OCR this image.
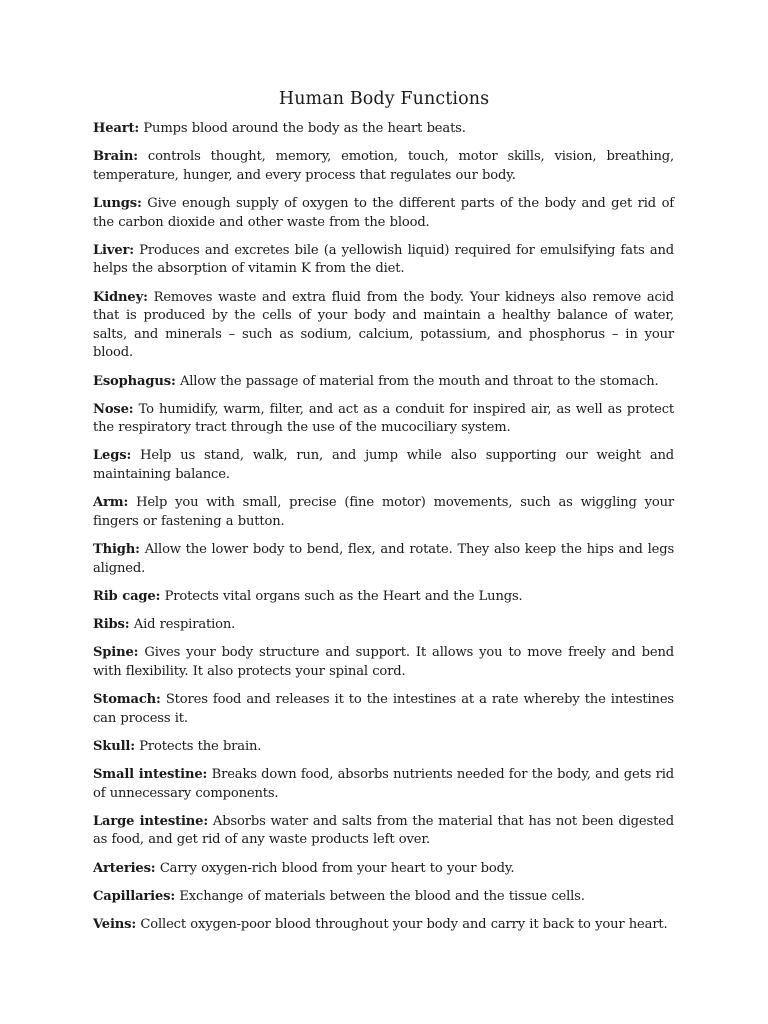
Human Body Functions

Heart: Pumps blood around the body as the heart beats.

Brain: controls thought, memory, emotion, touch, motor skills, vision, breathing, temperature, hunger, and every process that regulates our body.

Lungs: Give enough supply of oxygen to the different parts of the body and get rid of the carbon dioxide and other waste from the blood.

Liver: Produces and excretes bile (a yellowish liquid) required for emulsifying fats and helps the absorption of vitamin K from the diet.

Kidney: Removes waste and extra fluid from the body. Your kidneys also remove acid that is produced by the cells of your body and maintain a healthy balance of water, salts, and minerals – such as sodium, calcium, potassium, and phosphorus – in your blood.

Esophagus: Allow the passage of material from the mouth and throat to the stomach.

Nose: To humidify, warm, filter, and act as a conduit for inspired air, as well as protect the respiratory tract through the use of the mucociliary system.

Legs: Help us stand, walk, run, and jump while also supporting our weight and maintaining balance.

Arm: Help you with small, precise (fine motor) movements, such as wiggling your fingers or fastening a button.

Thigh: Allow the lower body to bend, flex, and rotate. They also keep the hips and legs aligned.

Rib cage: Protects vital organs such as the Heart and the Lungs.

Ribs: Aid respiration.

Spine: Gives your body structure and support. It allows you to move freely and bend with flexibility. It also protects your spinal cord.

Stomach: Stores food and releases it to the intestines at a rate whereby the intestines can process it.

Skull: Protects the brain.

Small intestine: Breaks down food, absorbs nutrients needed for the body, and gets rid of unnecessary components.

Large intestine: Absorbs water and salts from the material that has not been digested as food, and get rid of any waste products left over.

Arteries: Carry oxygen-rich blood from your heart to your body.

Capillaries: Exchange of materials between the blood and the tissue cells.

Veins: Collect oxygen-poor blood throughout your body and carry it back to your heart.
